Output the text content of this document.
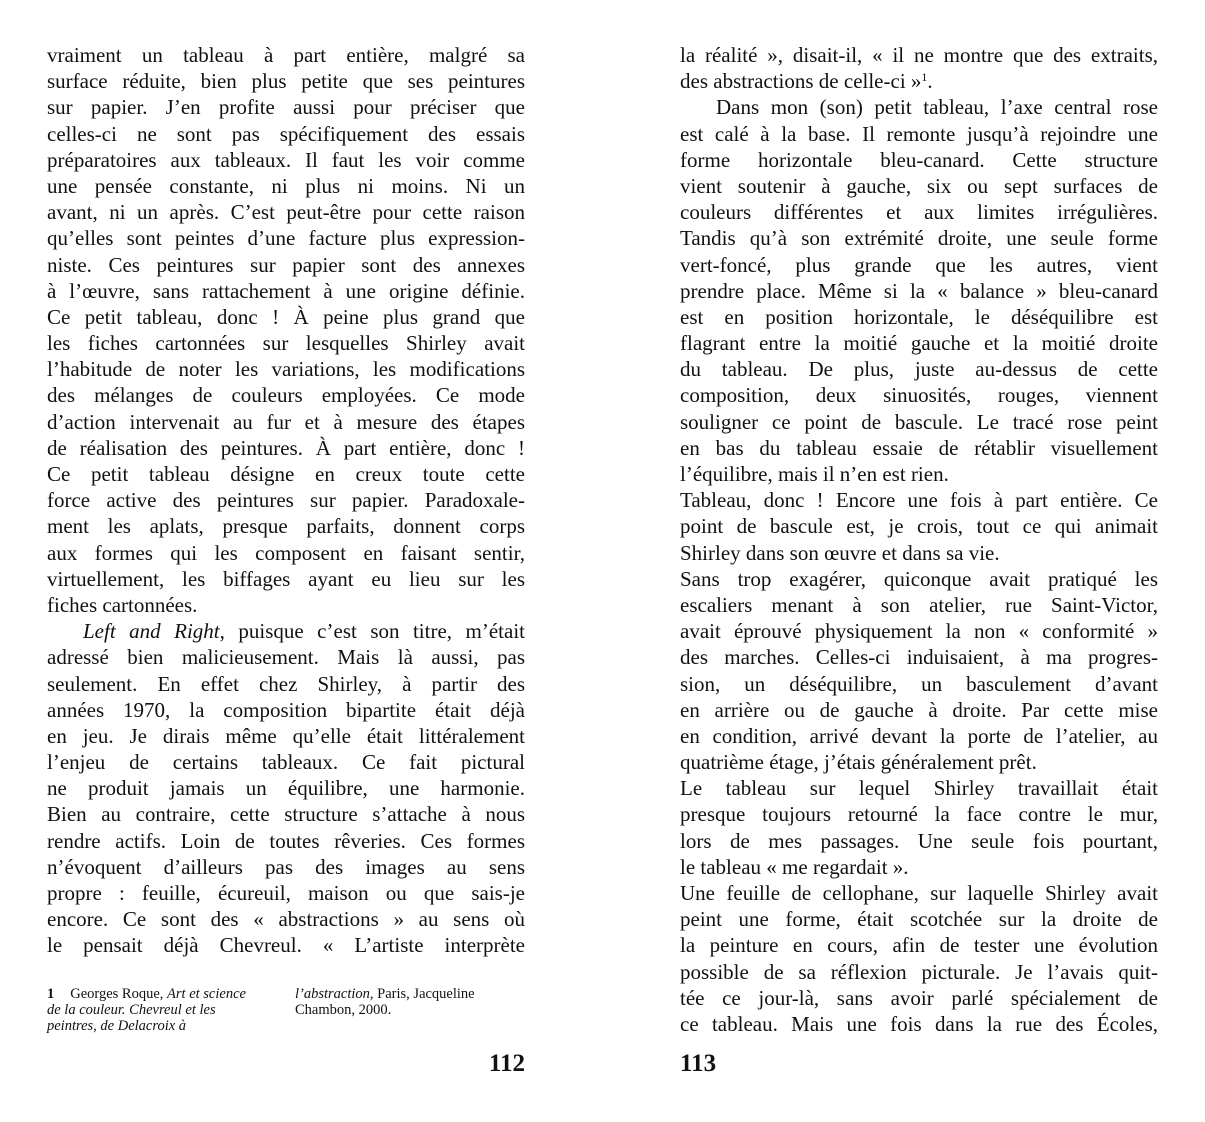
vraiment un tableau à part entière, malgré sa
surface réduite, bien plus petite que ses peintures
sur papier. J’en profite aussi pour préciser que
celles-ci ne sont pas spécifiquement des essais
préparatoires aux tableaux. Il faut les voir comme
une pensée constante, ni plus ni moins. Ni un
avant, ni un après. C’est peut-être pour cette raison
qu’elles sont peintes d’une facture plus expression-
niste. Ces peintures sur papier sont des annexes
à l’œuvre, sans rattachement à une origine définie.
Ce petit tableau, donc ! À peine plus grand que
les fiches cartonnées sur lesquelles Shirley avait
l’habitude de noter les variations, les modifications
des mélanges de couleurs employées. Ce mode
d’action intervenait au fur et à mesure des étapes
de réalisation des peintures. À part entière, donc !
Ce petit tableau désigne en creux toute cette
force active des peintures sur papier. Paradoxale-
ment les aplats, presque parfaits, donnent corps
aux formes qui les composent en faisant sentir,
virtuellement, les biffages ayant eu lieu sur les
fiches cartonnées.
Left and Right, puisque c’est son titre, m’était
adressé bien malicieusement. Mais là aussi, pas
seulement. En effet chez Shirley, à partir des
années 1970, la composition bipartite était déjà
en jeu. Je dirais même qu’elle était littéralement
l’enjeu de certains tableaux. Ce fait pictural
ne produit jamais un équilibre, une harmonie.
Bien au contraire, cette structure s’attache à nous
rendre actifs. Loin de toutes rêveries. Ces formes
n’évoquent d’ailleurs pas des images au sens
propre : feuille, écureuil, maison ou que sais-je
encore. Ce sont des « abstractions » au sens où
le pensait déjà Chevreul. « L’artiste interprète
la réalité », disait-il, « il ne montre que des extraits,
des abstractions de celle-ci »$^1$.
Dans mon (son) petit tableau, l’axe central rose
est calé à la base. Il remonte jusqu’à rejoindre une
forme horizontale bleu-canard. Cette structure
vient soutenir à gauche, six ou sept surfaces de
couleurs différentes et aux limites irrégulières.
Tandis qu’à son extrémité droite, une seule forme
vert-foncé, plus grande que les autres, vient
prendre place. Même si la « balance » bleu-canard
est en position horizontale, le déséquilibre est
flagrant entre la moitié gauche et la moitié droite
du tableau. De plus, juste au-dessus de cette
composition, deux sinuosités, rouges, viennent
souligner ce point de bascule. Le tracé rose peint
en bas du tableau essaie de rétablir visuellement
l’équilibre, mais il n’en est rien.
Tableau, donc ! Encore une fois à part entière. Ce
point de bascule est, je crois, tout ce qui animait
Shirley dans son œuvre et dans sa vie.
Sans trop exagérer, quiconque avait pratiqué les
escaliers menant à son atelier, rue Saint-Victor,
avait éprouvé physiquement la non « conformité »
des marches. Celles-ci induisaient, à ma progres-
sion, un déséquilibre, un basculement d’avant
en arrière ou de gauche à droite. Par cette mise
en condition, arrivé devant la porte de l’atelier, au
quatrième étage, j’étais généralement prêt.
Le tableau sur lequel Shirley travaillait était
presque toujours retourné la face contre le mur,
lors de mes passages. Une seule fois pourtant,
le tableau « me regardait ».
Une feuille de cellophane, sur laquelle Shirley avait
peint une forme, était scotchée sur la droite de
la peinture en cours, afin de tester une évolution
possible de sa réflexion picturale. Je l’avais quit-
tée ce jour-là, sans avoir parlé spécialement de
ce tableau. Mais une fois dans la rue des Écoles,
1 Georges Roque, Art et science de la couleur. Chevreul et les peintres, de Delacroix à
l’abstraction, Paris, Jacqueline Chambon, 2000.
112	113
